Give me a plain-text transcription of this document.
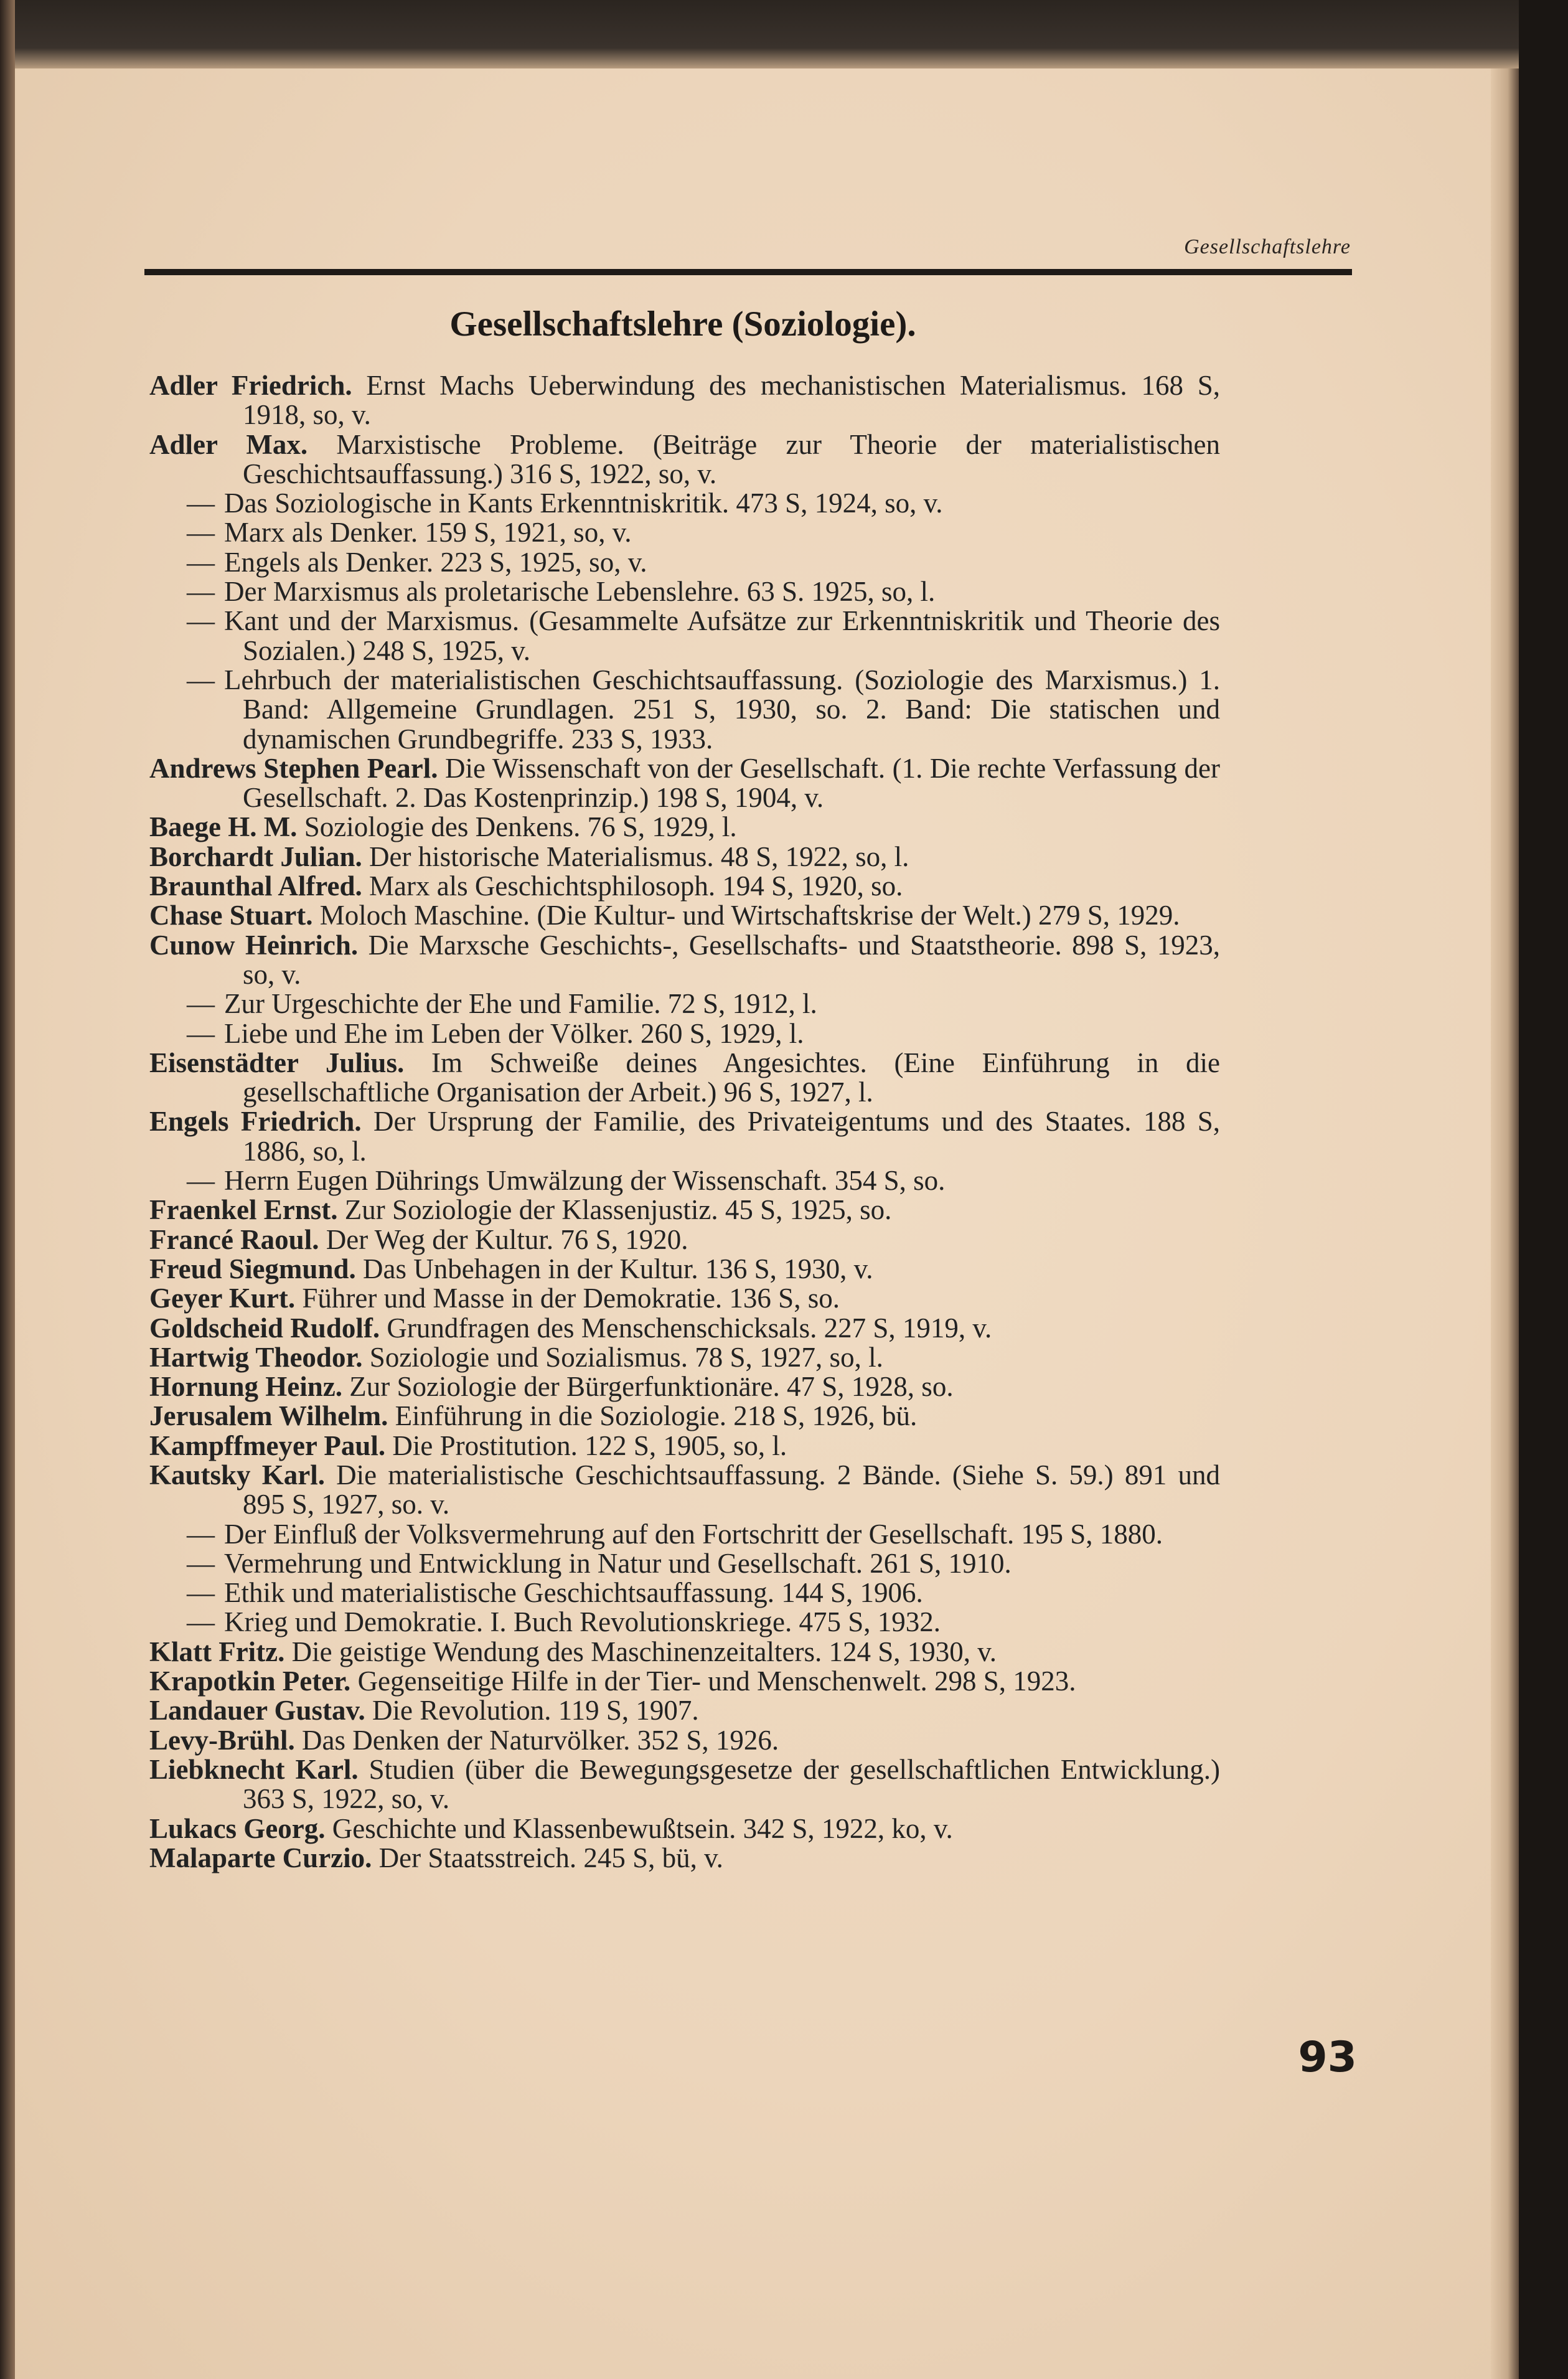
Gesellschaftslehre
Gesellschaftslehre (Soziologie).
Adler Friedrich. Ernst Machs Ueberwindung des mechanistischen Materialismus. 168 S, 1918, so, v.
Adler Max. Marxistische Probleme. (Beiträge zur Theorie der materialistischen Geschichtsauffassung.) 316 S, 1922, so, v.
— Das Soziologische in Kants Erkenntniskritik. 473 S, 1924, so, v.
— Marx als Denker. 159 S, 1921, so, v.
— Engels als Denker. 223 S, 1925, so, v.
— Der Marxismus als proletarische Lebenslehre. 63 S. 1925, so, l.
— Kant und der Marxismus. (Gesammelte Aufsätze zur Erkenntniskritik und Theorie des Sozialen.) 248 S, 1925, v.
— Lehrbuch der materialistischen Geschichtsauffassung. (Soziologie des Marxismus.) 1. Band: Allgemeine Grundlagen. 251 S, 1930, so. 2. Band: Die statischen und dynamischen Grundbegriffe. 233 S, 1933.
Andrews Stephen Pearl. Die Wissenschaft von der Gesellschaft. (1. Die rechte Verfassung der Gesellschaft. 2. Das Kostenprinzip.) 198 S, 1904, v.
Baege H. M. Soziologie des Denkens. 76 S, 1929, l.
Borchardt Julian. Der historische Materialismus. 48 S, 1922, so, l.
Braunthal Alfred. Marx als Geschichtsphilosoph. 194 S, 1920, so.
Chase Stuart. Moloch Maschine. (Die Kultur- und Wirtschaftskrise der Welt.) 279 S, 1929.
Cunow Heinrich. Die Marxsche Geschichts-, Gesellschafts- und Staatstheorie. 898 S, 1923, so, v.
— Zur Urgeschichte der Ehe und Familie. 72 S, 1912, l.
— Liebe und Ehe im Leben der Völker. 260 S, 1929, l.
Eisenstädter Julius. Im Schweiße deines Angesichtes. (Eine Einführung in die gesellschaftliche Organisation der Arbeit.) 96 S, 1927, l.
Engels Friedrich. Der Ursprung der Familie, des Privateigentums und des Staates. 188 S, 1886, so, l.
— Herrn Eugen Dührings Umwälzung der Wissenschaft. 354 S, so.
Fraenkel Ernst. Zur Soziologie der Klassenjustiz. 45 S, 1925, so.
Francé Raoul. Der Weg der Kultur. 76 S, 1920.
Freud Siegmund. Das Unbehagen in der Kultur. 136 S, 1930, v.
Geyer Kurt. Führer und Masse in der Demokratie. 136 S, so.
Goldscheid Rudolf. Grundfragen des Menschenschicksals. 227 S, 1919, v.
Hartwig Theodor. Soziologie und Sozialismus. 78 S, 1927, so, l.
Hornung Heinz. Zur Soziologie der Bürgerfunktionäre. 47 S, 1928, so.
Jerusalem Wilhelm. Einführung in die Soziologie. 218 S, 1926, bü.
Kampffmeyer Paul. Die Prostitution. 122 S, 1905, so, l.
Kautsky Karl. Die materialistische Geschichtsauffassung. 2 Bände. (Siehe S. 59.) 891 und 895 S, 1927, so. v.
— Der Einfluß der Volksvermehrung auf den Fortschritt der Gesellschaft. 195 S, 1880.
— Vermehrung und Entwicklung in Natur und Gesellschaft. 261 S, 1910.
— Ethik und materialistische Geschichtsauffassung. 144 S, 1906.
— Krieg und Demokratie. I. Buch Revolutionskriege. 475 S, 1932.
Klatt Fritz. Die geistige Wendung des Maschinenzeitalters. 124 S, 1930, v.
Krapotkin Peter. Gegenseitige Hilfe in der Tier- und Menschenwelt. 298 S, 1923.
Landauer Gustav. Die Revolution. 119 S, 1907.
Levy-Brühl. Das Denken der Naturvölker. 352 S, 1926.
Liebknecht Karl. Studien (über die Bewegungsgesetze der gesellschaftlichen Entwicklung.) 363 S, 1922, so, v.
Lukacs Georg. Geschichte und Klassenbewußtsein. 342 S, 1922, ko, v.
Malaparte Curzio. Der Staatsstreich. 245 S, bü, v.
93
